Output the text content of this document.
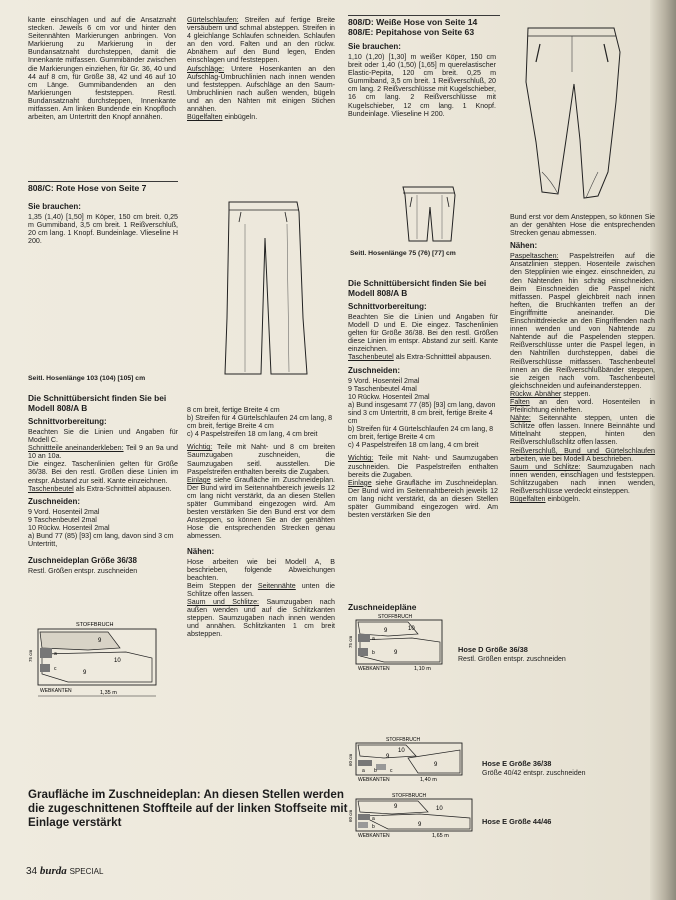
kante einschlagen und auf die Ansatznaht stecken. Jeweils 6 cm vor und hinter den Seitennähten Markierungen anbringen. Von Markierung zu Markierung in der Bundansatznaht durchsteppen, damit die Innenkante mitfassen. Gummibänder zwischen die Markierungen einziehen, für Gr. 36, 40 und 44 auf 8 cm, für Größe 38, 42 und 46 auf 10 cm Länge. Gummibandenden an den Markierungen feststeppen. Restl. Bundansatznaht durchsteppen, Innenkante mitfassen. Am linken Bundende ein Knopfloch arbeiten, am Untertritt den Knopf annähen.

Gürtelschlaufen: Streifen auf fertige Breite versäubern und schmal absteppen. Streifen in 4 gleichlange Schlaufen schneiden. Schlaufen an den vord. Falten und an den rückw. Abnähern auf den Bund legen, Enden einschlagen und feststeppen.

Aufschläge: Untere Hosenkanten an den Aufschlag-Umbruchlinien nach innen wenden und feststeppen. Aufschläge an den Saum-Umbruchlinien nach außen wenden, bügeln und an den Nähten mit einigen Stichen annähen.

Bügelfalten einbügeln.

808/D: Weiße Hose von Seite 14
808/E: Pepitahose von Seite 63
Sie brauchen:

1,10 (1,20) [1,30] m weißer Köper, 150 cm breit oder 1,40 (1,50) [1,65] m querelastischer Elastic-Pepita, 120 cm breit. 0,25 m Gummiband, 3,5 cm breit. 1 Reißverschluß, 20 cm lang. 2 Reißverschlüsse mit Kugelschieber, 16 cm lang. 2 Reißverschlüsse mit Kugelschieber, 12 cm lang. 1 Knopf. Bundeinlage. Vlieseline H 200.

Seitl. Hosenlänge 75 (76) [77] cm
808/C: Rote Hose von Seite 7
Sie brauchen:

1,35 (1,40) [1,50] m Köper, 150 cm breit. 0,25 m Gummiband, 3,5 cm breit. 1 Reißverschluß, 20 cm lang. 1 Knopf. Bundeinlage. Vlieseline H 200.

Seitl. Hosenlänge 103 (104) [105] cm
Die Schnittübersicht finden Sie bei Modell 808/A B
Schnittvorbereitung:

Beachten Sie die Linien und Angaben für Modell C.

Schnittteile aneinanderkleben: Teil 9 an 9a und 10 an 10a.

Die eingez. Taschenlinien gelten für Größe 36/38. Bei den restl. Größen diese Linien im entspr. Abstand zur seitl. Kante einzeichnen.

Taschenbeutel als Extra-Schnittteil abpausen.

Zuschneiden:
9 Vord. Hosenteil 2mal
9 Taschenbeutel 2mal
10 Rückw. Hosenteil 2mal
a) Bund 77 (85) [93] cm lang, davon sind 3 cm Untertritt,
Zuschneideplan Größe 36/38
Restl. Größen entspr. zuschneiden
STOFFBRUCH
10
9
9
a
c
75 cm
WEBKANTEN	1,35 m
8 cm breit, fertige Breite 4 cm
b) Streifen für 4 Gürtelschlaufen 24 cm lang, 8 cm breit, fertige Breite 4 cm
c) 4 Paspelstreifen 18 cm lang, 4 cm breit

Wichtig: Teile mit Naht- und 8 cm breiten Saumzugaben zuschneiden, die Saumzugaben seitl. ausstellen. Die Paspelstreifen enthalten bereits die Zugaben.

Einlage siehe Graufläche im Zuschneideplan. Der Bund wird im Seitennahtbereich jeweils 12 cm lang nicht verstärkt, da an diesen Stellen später Gummiband eingezogen wird. Am besten verstärken Sie den Bund erst vor dem Ansteppen, so können Sie an der genähten Hose die entsprechenden Strecken genau abmessen.

Nähen:

Hose arbeiten wie bei Modell A, B beschrieben, folgende Abweichungen beachten.

Beim Steppen der Seitennähte unten die Schlitze offen lassen.

Saum und Schlitze: Saumzugaben nach außen wenden und auf die Schlitzkanten steppen. Saumzugaben nach innen wenden und annähen. Schlitzkanten 1 cm breit absteppen.

Die Schnittübersicht finden Sie bei Modell 808/A B
Schnittvorbereitung:

Beachten Sie die Linien und Angaben für Modell D und E. Die eingez. Taschenlinien gelten für Größe 36/38. Bei den restl. Größen diese Linien im entspr. Abstand zur seitl. Kante einzeichnen.

Taschenbeutel als Extra-Schnittteil abpausen.

Zuschneiden:
9 Vord. Hosenteil 2mal
9 Taschenbeutel 4mal
10 Rückw. Hosenteil 2mal
a) Bund insgesamt 77 (85) [93] cm lang, davon sind 3 cm Untertritt, 8 cm breit, fertige Breite 4 cm
b) Streifen für 4 Gürtelschlaufen 24 cm lang, 8 cm breit, fertige Breite 4 cm
c) 4 Paspelstreifen 18 cm lang, 4 cm breit

Wichtig: Teile mit Naht- und Saumzugaben zuschneiden. Die Paspelstreifen enthalten bereits die Zugaben.

Einlage siehe Graufläche im Zuschneideplan. Der Bund wird im Seitennahtbereich jeweils 12 cm lang nicht verstärkt, da an diesen Stellen später Gummiband eingezogen wird. Am besten verstärken Sie den

Bund erst vor dem Ansteppen, so können Sie an der genähten Hose die entsprechenden Strecken genau abmessen.

Nähen:

Paspeltaschen: Paspelstreifen auf die Ansatzlinien steppen. Hosenteile zwischen den Stepplinien wie eingez. einschneiden, zu den Nahtenden hin schräg einschneiden. Beim Einschneiden die Paspel nicht mitfassen. Paspel gleichbreit nach innen heften, die Bruchkanten treffen an der Eingriffmitte aneinander. Die Einschnittdreiecke an den Eingriffenden nach innen wenden und von Nahtende zu Nahtende auf die Paspelenden steppen. Reißverschlüsse unter die Paspel legen, in den Nahtrillen durchsteppen, dabei die Reißverschlüsse mitfassen. Taschenbeutel innen an die Reißverschlußbänder steppen, sie zeigen nach vorn. Taschenbeutel gleichschneiden und aufeinandersteppen.

Rückw. Abnäher steppen.

Falten an den vord. Hosenteilen in Pfeilrichtung einheften.

Nähte: Seitennähte steppen, unten die Schlitze offen lassen. Innere Beinnähte und Mittelnaht steppen, hinten den Reißverschlußschlitz offen lassen.

Reißverschluß, Bund und Gürtelschlaufen arbeiten, wie bei Modell A beschrieben.

Saum und Schlitze: Saumzugaben nach innen wenden, einschlagen und feststeppen. Schlitzzugaben nach innen wenden, Reißverschlüsse verdeckt einsteppen.

Bügelfalten einbügeln.

Zuschneidepläne
STOFFBRUCH
10
9
9
a
b
75 cm
WEBKANTEN	1,10 m
Hose D Größe 36/38
Restl. Größen entspr. zuschneiden
STOFFBRUCH
10
9
a b	c
9
60 cm
WEBKANTEN	1,40 m
Hose E Größe 36/38
Größe 40/42 entspr. zuschneiden
STOFFBRUCH
10
9
9
a
b
60 cm
WEBKANTEN	1,65 m
Hose E Größe 44/46
Graufläche im Zuschneideplan: An diesen Stellen werden die zugeschnittenen Stoffteile auf der linken Stoffseite mit Einlage verstärkt
34 burda SPECIAL
